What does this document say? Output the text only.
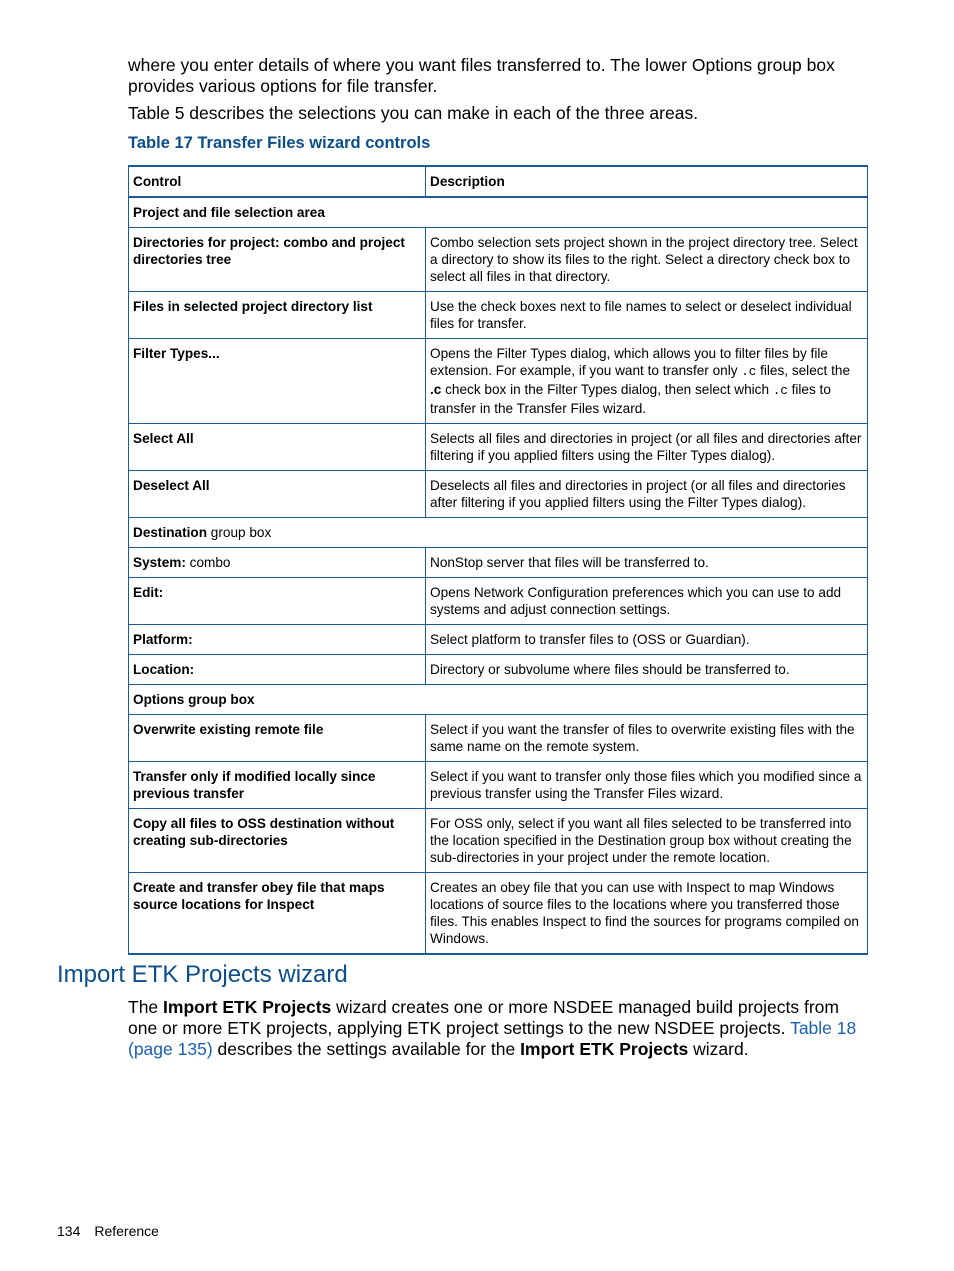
where you enter details of where you want files transferred to. The lower Options group box provides various options for file transfer.

Table 5 describes the selections you can make in each of the three areas.

Table 17 Transfer Files wizard controls
Control	Description
Project and file selection area	
Directories for project: combo and project directories tree	Combo selection sets project shown in the project directory tree. Select a directory to show its files to the right. Select a directory check box to select all files in that directory.
Files in selected project directory list	Use the check boxes next to file names to select or deselect individual files for transfer.
Filter Types...	Opens the Filter Types dialog, which allows you to filter files by file extension. For example, if you want to transfer only .c files, select the .c check box in the Filter Types dialog, then select which .c files to transfer in the Transfer Files wizard.
Select All	Selects all files and directories in project (or all files and directories after filtering if you applied filters using the Filter Types dialog).
Deselect All	Deselects all files and directories in project (or all files and directories after filtering if you applied filters using the Filter Types dialog).
Destination group box	
System: combo	NonStop server that files will be transferred to.
Edit:	Opens Network Configuration preferences which you can use to add systems and adjust connection settings.
Platform:	Select platform to transfer files to (OSS or Guardian).
Location:	Directory or subvolume where files should be transferred to.
Options group box	
Overwrite existing remote file	Select if you want the transfer of files to overwrite existing files with the same name on the remote system.
Transfer only if modified locally since previous transfer	Select if you want to transfer only those files which you modified since a previous transfer using the Transfer Files wizard.
Copy all files to OSS destination without creating sub-directories	For OSS only, select if you want all files selected to be transferred into the location specified in the Destination group box without creating the sub-directories in your project under the remote location.
Create and transfer obey file that maps source locations for Inspect	Creates an obey file that you can use with Inspect to map Windows locations of source files to the locations where you transferred those files. This enables Inspect to find the sources for programs compiled on Windows.
Import ETK Projects wizard

The Import ETK Projects wizard creates one or more NSDEE managed build projects from one or more ETK projects, applying ETK project settings to the new NSDEE projects. Table 18 (page 135) describes the settings available for the Import ETK Projects wizard.

134 Reference
